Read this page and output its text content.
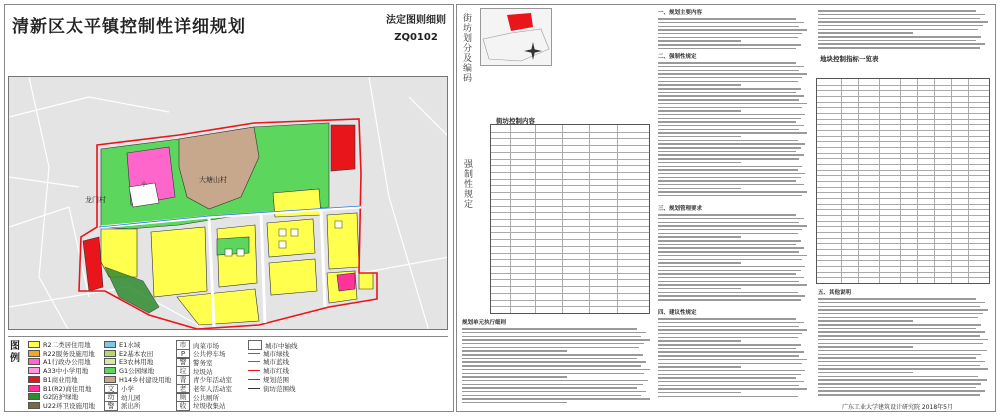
清新区太平镇控制性详细规划	法定图则细则
ZQ0102
大塘山村
龙门村
小
图例
R2二类居住用地
R22服务设施用地
A1行政办公用地
A33中小学用地
B1商业用地
B1(R2)商住用地
G2防护绿地
U22环卫设施用地
E1水域
E2基本农田
E3农林用地
G1公园绿地
H14乡村建设用地
文	小学
幼	幼儿园
警	派出所
市	肉菜市场
P	公共停车场
警	警务室
垃	垃圾站
青	青少年活动室
老	老年人活动室
厕	公共厕所
收	垃圾收集站
城市中轴线
城市绿线
城市蓝线
城市红线
规划范围
街坊范围线
街
坊
划
分
及
编
码
强
制
性
规
定
街坊控制内容
规划单元执行细则
一、规划主要内容
二、强制性规定
三、规划管理要求
四、建议性规定
地块控制指标一览表
五、其他说明
广东工业大学建筑设计研究院 2018年5月
